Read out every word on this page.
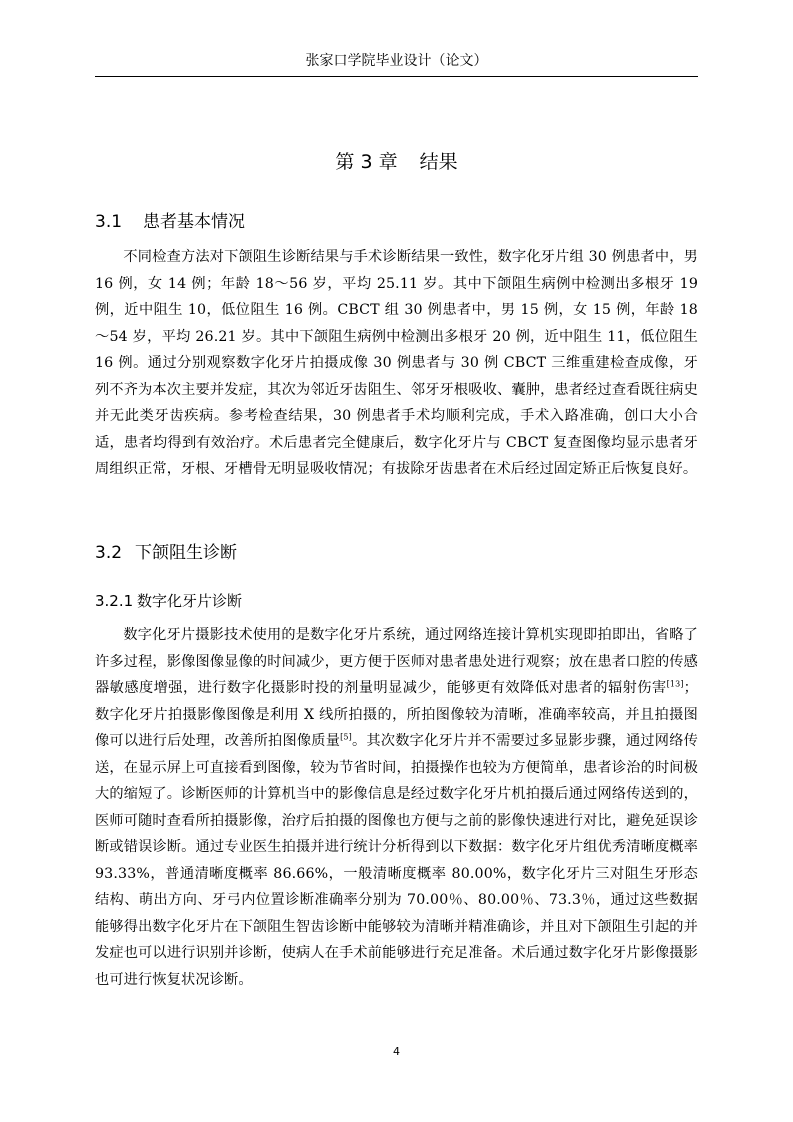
张家口学院毕业设计（论文）
第 3 章 结果
3.1 患者基本情况

不同检查方法对下颌阻生诊断结果与手术诊断结果一致性，数字化牙片组 30 例患者中，男 16 例，女 14 例；年龄 18～56 岁，平均 25.11 岁。其中下颌阻生病例中检测出多根牙 19 例，近中阻生 10，低位阻生 16 例。CBCT 组 30 例患者中，男 15 例，女 15 例，年龄 18～54 岁，平均 26.21 岁。其中下颌阻生病例中检测出多根牙 20 例，近中阻生 11，低位阻生 16 例。通过分别观察数字化牙片拍摄成像 30 例患者与 30 例 CBCT 三维重建检查成像，牙列不齐为本次主要并发症，其次为邻近牙齿阻生、邻牙牙根吸收、囊肿，患者经过查看既往病史并无此类牙齿疾病。参考检查结果，30 例患者手术均顺利完成，手术入路准确，创口大小合适，患者均得到有效治疗。术后患者完全健康后，数字化牙片与 CBCT 复查图像均显示患者牙周组织正常，牙根、牙槽骨无明显吸收情况；有拔除牙齿患者在术后经过固定矫正后恢复良好。

3.2 下颌阻生诊断
3.2.1 数字化牙片诊断

数字化牙片摄影技术使用的是数字化牙片系统，通过网络连接计算机实现即拍即出，省略了许多过程，影像图像显像的时间减少，更方便于医师对患者患处进行观察；放在患者口腔的传感器敏感度增强，进行数字化摄影时投的剂量明显减少，能够更有效降低对患者的辐射伤害[13]；数字化牙片拍摄影像图像是利用 X 线所拍摄的，所拍图像较为清晰，准确率较高，并且拍摄图像可以进行后处理，改善所拍图像质量[5]。其次数字化牙片并不需要过多显影步骤，通过网络传送，在显示屏上可直接看到图像，较为节省时间，拍摄操作也较为方便简单，患者诊治的时间极大的缩短了。诊断医师的计算机当中的影像信息是经过数字化牙片机拍摄后通过网络传送到的，医师可随时查看所拍摄影像，治疗后拍摄的图像也方便与之前的影像快速进行对比，避免延误诊断或错误诊断。通过专业医生拍摄并进行统计分析得到以下数据：数字化牙片组优秀清晰度概率 93.33%，普通清晰度概率 86.66%，一般清晰度概率 80.00%，数字化牙片三对阻生牙形态结构、萌出方向、牙弓内位置诊断准确率分别为 70.00％、80.00％、73.3％，通过这些数据能够得出数字化牙片在下颌阻生智齿诊断中能够较为清晰并精准确诊，并且对下颌阻生引起的并发症也可以进行识别并诊断，使病人在手术前能够进行充足准备。术后通过数字化牙片影像摄影也可进行恢复状况诊断。

4
